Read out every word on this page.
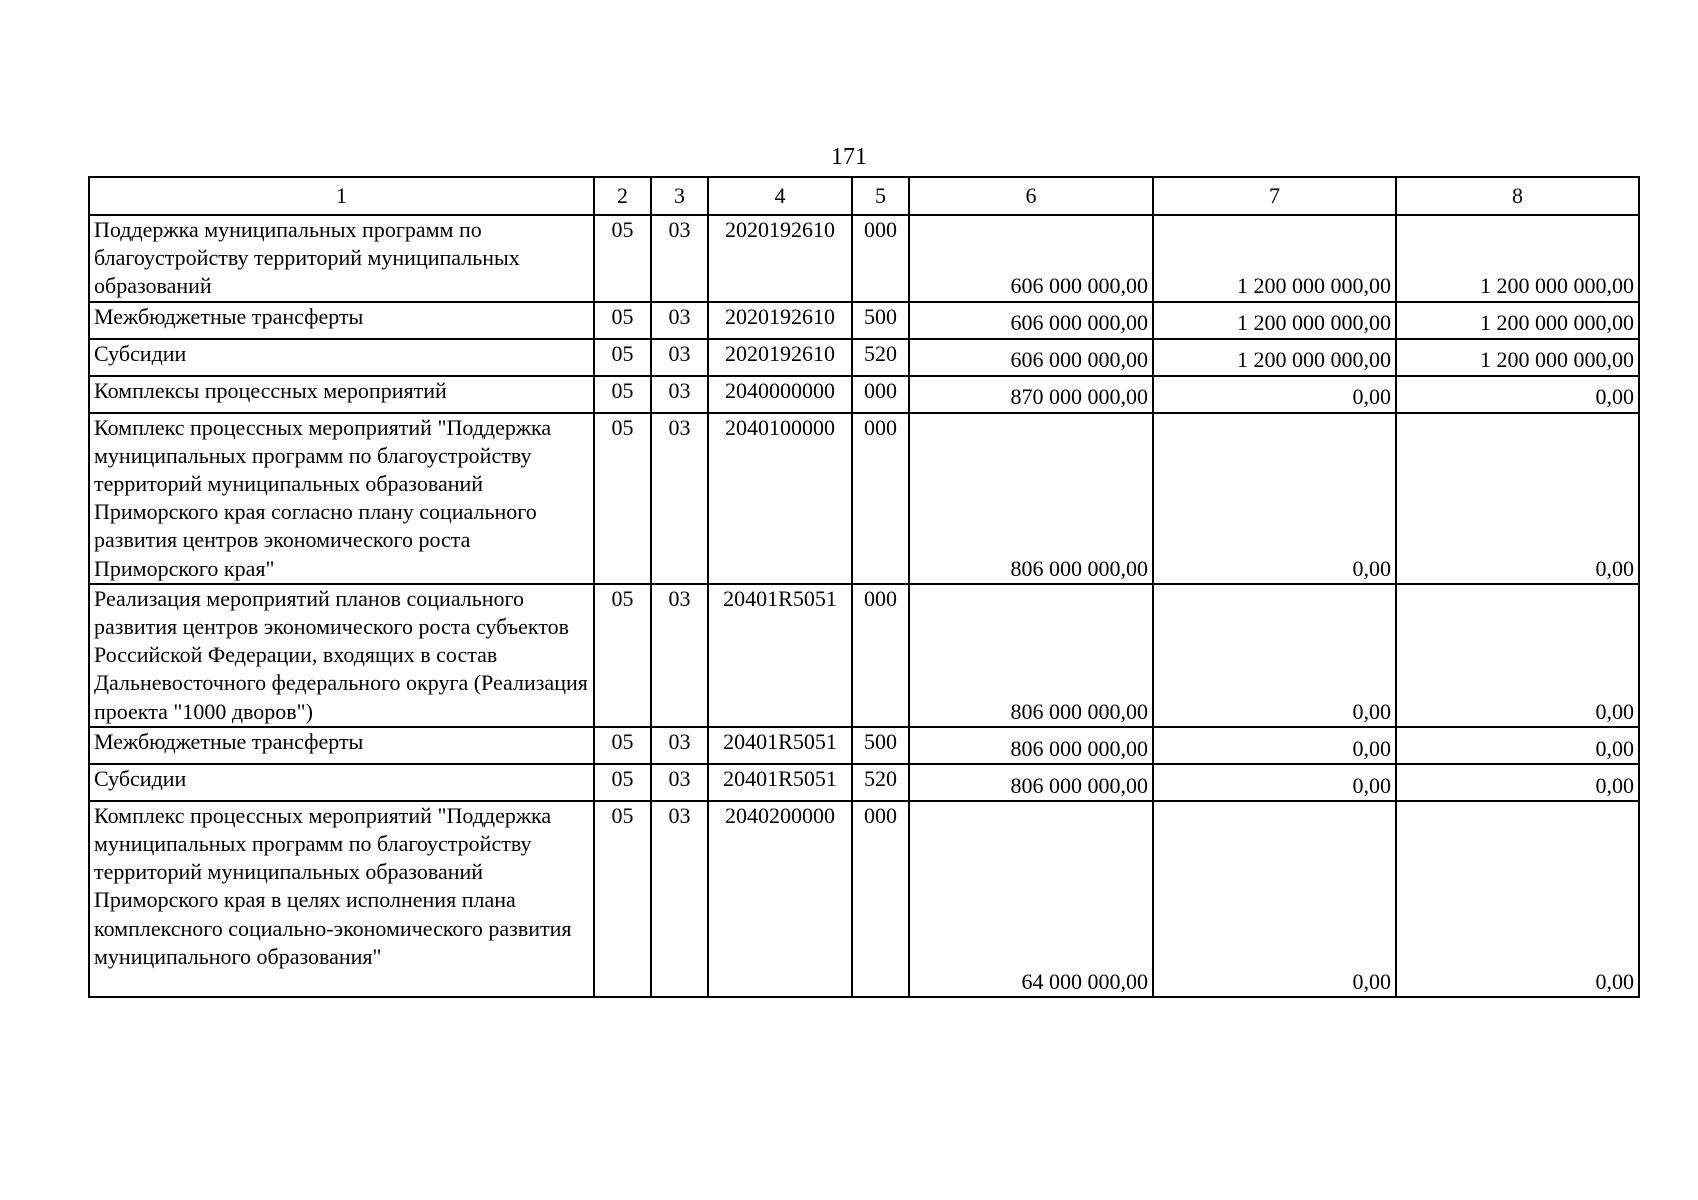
171
1	2	3	4	5	6	7	8
Поддержка муниципальных программ по благоустройству территорий муниципальных образований	05	03	2020192610	000	606 000 000,00	1 200 000 000,00	1 200 000 000,00
Межбюджетные трансферты	05	03	2020192610	500	606 000 000,00	1 200 000 000,00	1 200 000 000,00
Субсидии	05	03	2020192610	520	606 000 000,00	1 200 000 000,00	1 200 000 000,00
Комплексы процессных мероприятий	05	03	2040000000	000	870 000 000,00	0,00	0,00
Комплекс процессных мероприятий "Поддержка муниципальных программ по благоустройству территорий муниципальных образований Приморского края согласно плану социального развития центров экономического роста Приморского края"	05	03	2040100000	000	806 000 000,00	0,00	0,00
Реализация мероприятий планов социального развития центров экономического роста субъектов Российской Федерации, входящих в состав Дальневосточного федерального округа (Реализация проекта "1000 дворов")	05	03	20401R5051	000	806 000 000,00	0,00	0,00
Межбюджетные трансферты	05	03	20401R5051	500	806 000 000,00	0,00	0,00
Субсидии	05	03	20401R5051	520	806 000 000,00	0,00	0,00
Комплекс процессных мероприятий "Поддержка муниципальных программ по благоустройству территорий муниципальных образований Приморского края в целях исполнения плана комплексного социально-экономического развития муниципального образования"	05	03	2040200000	000	64 000 000,00	0,00	0,00
